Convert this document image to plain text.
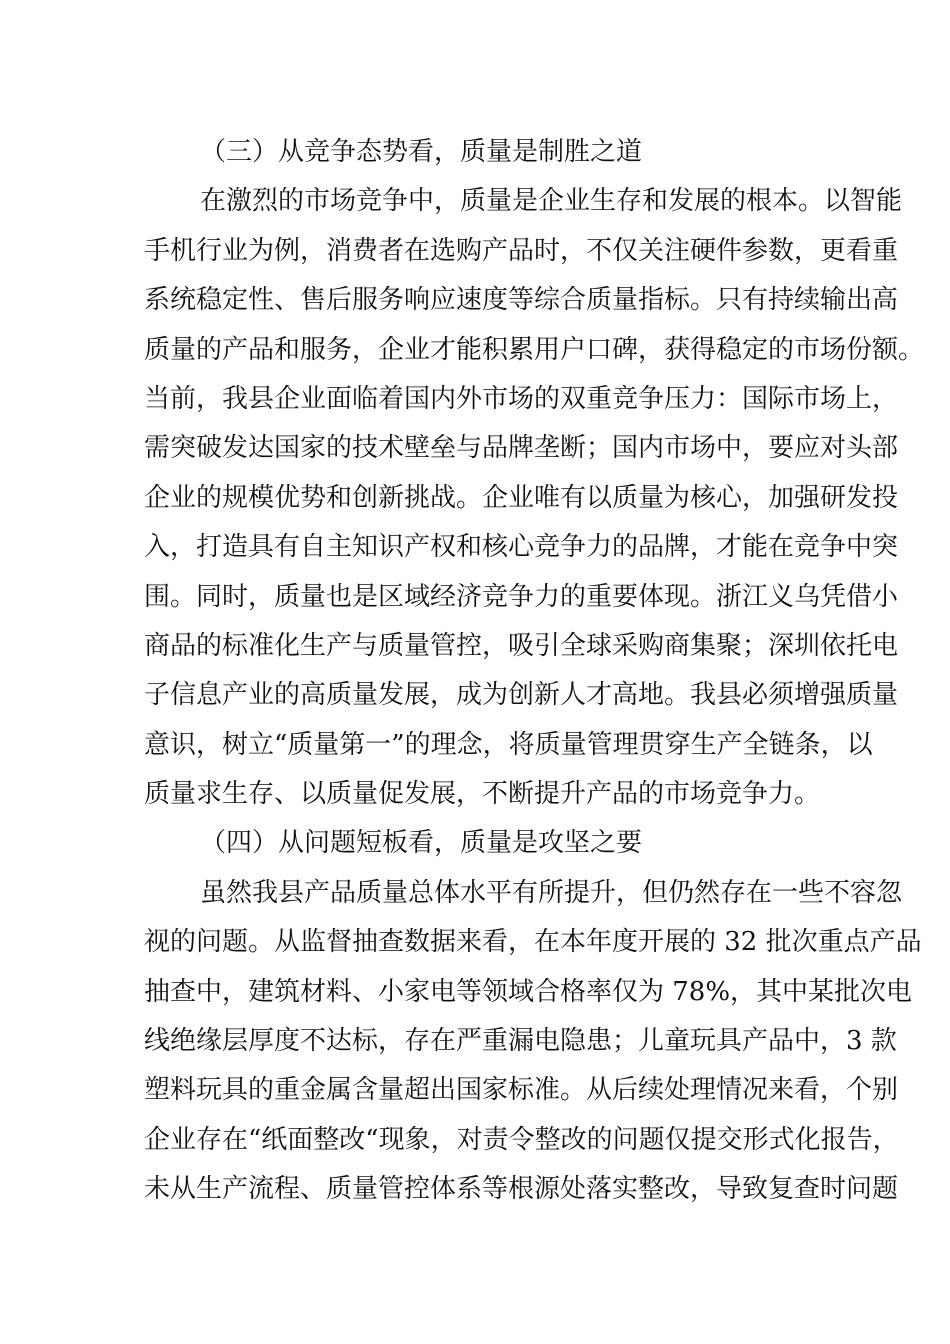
（三）从竞争态势看，质量是制胜之道
在激烈的市场竞争中，质量是企业生存和发展的根本。以智能
手机行业为例，消费者在选购产品时，不仅关注硬件参数，更看重
系统稳定性、售后服务响应速度等综合质量指标。只有持续输出高
质量的产品和服务，企业才能积累用户口碑，获得稳定的市场份额。
当前，我县企业面临着国内外市场的双重竞争压力：国际市场上，
需突破发达国家的技术壁垒与品牌垄断；国内市场中，要应对头部
企业的规模优势和创新挑战。企业唯有以质量为核心，加强研发投
入，打造具有自主知识产权和核心竞争力的品牌，才能在竞争中突
围。同时，质量也是区域经济竞争力的重要体现。浙江义乌凭借小
商品的标准化生产与质量管控，吸引全球采购商集聚；深圳依托电
子信息产业的高质量发展，成为创新人才高地。我县必须增强质量
意识，树立“质量第一”的理念，将质量管理贯穿生产全链条，以
质量求生存、以质量促发展，不断提升产品的市场竞争力。
（四）从问题短板看，质量是攻坚之要
虽然我县产品质量总体水平有所提升，但仍然存在一些不容忽
视的问题。从监督抽查数据来看，在本年度开展的 32 批次重点产品
抽查中，建筑材料、小家电等领域合格率仅为 78%，其中某批次电
线绝缘层厚度不达标，存在严重漏电隐患；儿童玩具产品中，3 款
塑料玩具的重金属含量超出国家标准。从后续处理情况来看，个别
企业存在“纸面整改“现象，对责令整改的问题仅提交形式化报告，
未从生产流程、质量管控体系等根源处落实整改，导致复查时问题
